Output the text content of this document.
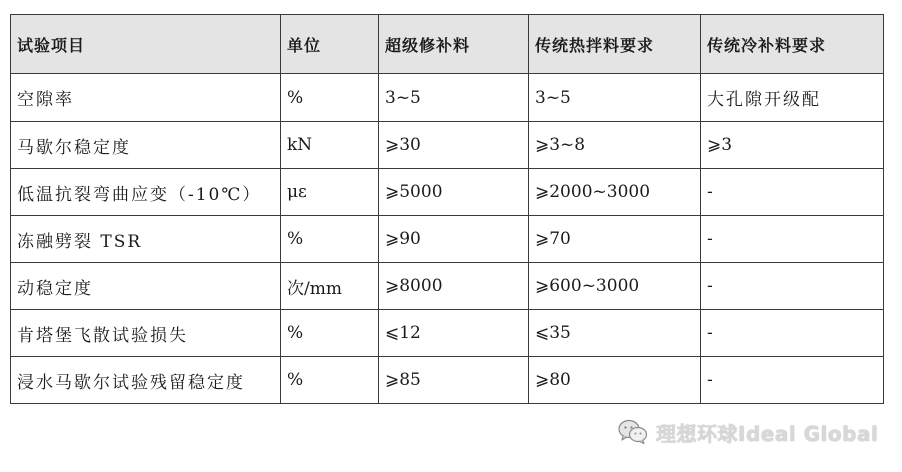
试验项目	单位	超级修补料	传统热拌料要求	传统冷补料要求
空隙率	%	3~5	3~5	大孔隙开级配
马歇尔稳定度	kN	⩾30	⩾3~8	⩾3
低温抗裂弯曲应变（-10℃）	με	⩾5000	⩾2000~3000	-
冻融劈裂 TSR	%	⩾90	⩾70	-
动稳定度	次/mm	⩾8000	⩾600~3000	-
肯塔堡飞散试验损失	%	⩽12	⩽35	-
浸水马歇尔试验残留稳定度	%	⩾85	⩾80	-
理想环球Ideal Global
